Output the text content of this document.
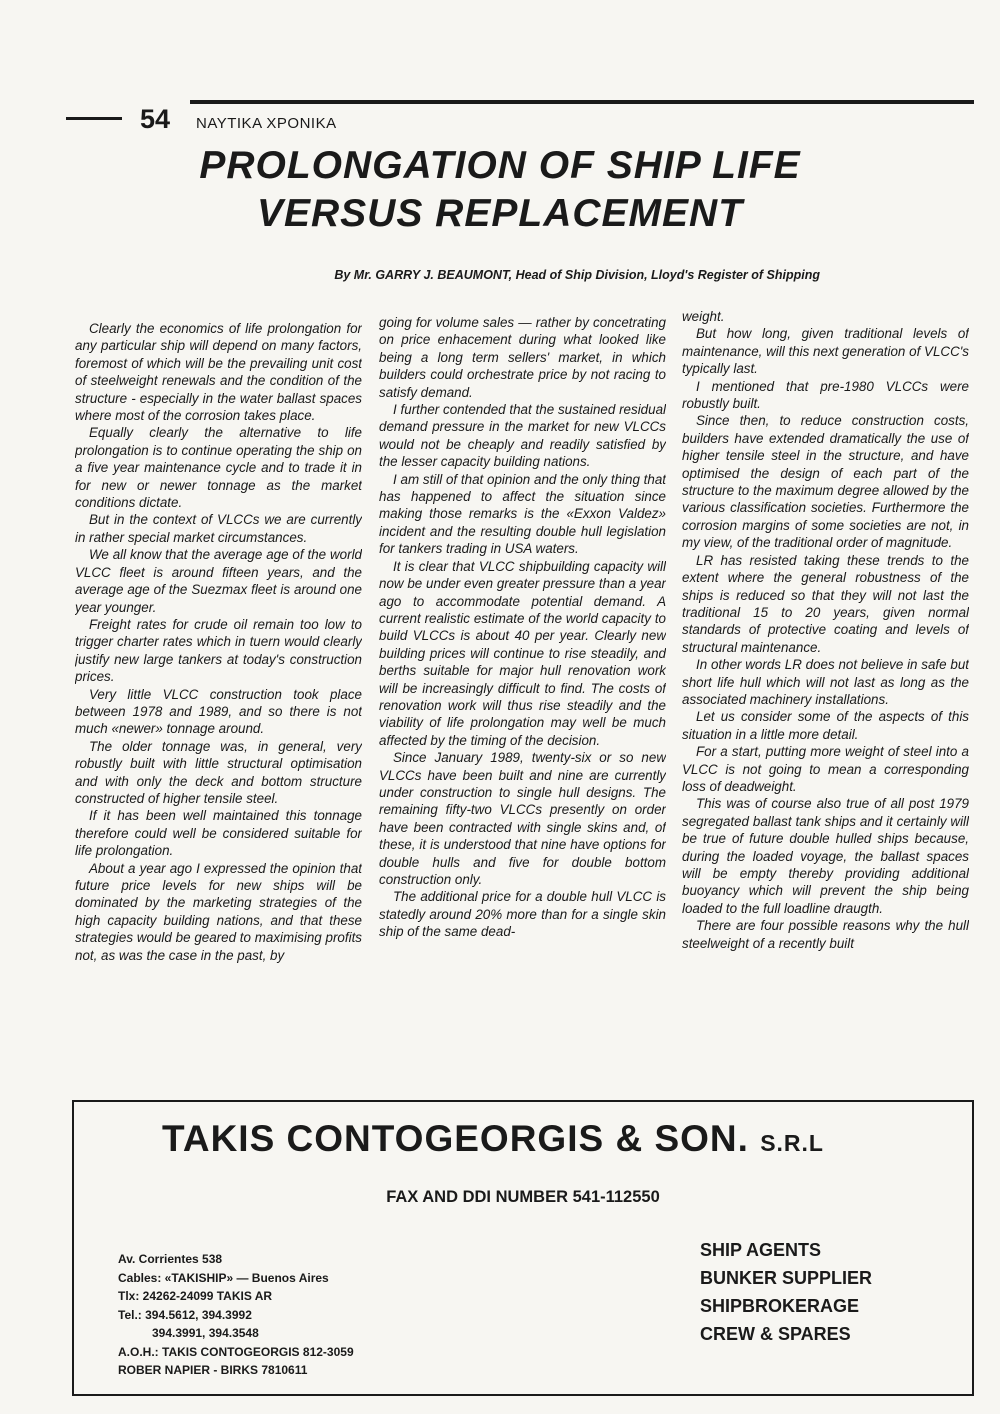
54 ΝΑΥΤΙΚΑ ΧΡΟΝΙΚΑ
PROLONGATION OF SHIP LIFE
VERSUS REPLACEMENT
By Mr. GARRY J. BEAUMONT, Head of Ship Division, Lloyd's Register of Shipping

Clearly the economics of life prolongation for any particular ship will depend on many factors, foremost of which will be the prevailing unit cost of steelweight renewals and the condition of the structure - especially in the water ballast spaces where most of the corrosion takes place.

Equally clearly the alternative to life prolongation is to continue operating the ship on a five year maintenance cycle and to trade it in for new or newer tonnage as the market conditions dictate.

But in the context of VLCCs we are currently in rather special market circumstances.

We all know that the average age of the world VLCC fleet is around fifteen years, and the average age of the Suezmax fleet is around one year younger.

Freight rates for crude oil remain too low to trigger charter rates which in tuern would clearly justify new large tankers at today's construction prices.

Very little VLCC construction took place between 1978 and 1989, and so there is not much «newer» tonnage around.

The older tonnage was, in general, very robustly built with little structural optimisation and with only the deck and bottom structure constructed of higher tensile steel.

If it has been well maintained this tonnage therefore could well be considered suitable for life prolongation.

About a year ago I expressed the opinion that future price levels for new ships will be dominated by the marketing strategies of the high capacity building nations, and that these strategies would be geared to maximising profits not, as was the case in the past, by

going for volume sales — rather by concetrating on price enhacement during what looked like being a long term sellers' market, in which builders could orchestrate price by not racing to satisfy demand.

I further contended that the sustained residual demand pressure in the market for new VLCCs would not be cheaply and readily satisfied by the lesser capacity building nations.

I am still of that opinion and the only thing that has happened to affect the situation since making those remarks is the «Exxon Valdez» incident and the resulting double hull legislation for tankers trading in USA waters.

It is clear that VLCC shipbuilding capacity will now be under even greater pressure than a year ago to accommodate potential demand. A current realistic estimate of the world capacity to build VLCCs is about 40 per year. Clearly new building prices will continue to rise steadily, and berths suitable for major hull renovation work will be increasingly difficult to find. The costs of renovation work will thus rise steadily and the viability of life prolongation may well be much affected by the timing of the decision.

Since January 1989, twenty-six or so new VLCCs have been built and nine are currently under construction to single hull designs. The remaining fifty-two VLCCs presently on order have been contracted with single skins and, of these, it is understood that nine have options for double hulls and five for double bottom construction only.

The additional price for a double hull VLCC is statedly around 20% more than for a single skin ship of the same dead-

weight.

But how long, given traditional levels of maintenance, will this next generation of VLCC's typically last.

I mentioned that pre-1980 VLCCs were robustly built.

Since then, to reduce construction costs, builders have extended dramatically the use of higher tensile steel in the structure, and have optimised the design of each part of the structure to the maximum degree allowed by the various classification societies. Furthermore the corrosion margins of some societies are not, in my view, of the traditional order of magnitude.

LR has resisted taking these trends to the extent where the general robustness of the ships is reduced so that they will not last the traditional 15 to 20 years, given normal standards of protective coating and levels of structural maintenance.

In other words LR does not believe in safe but short life hull which will not last as long as the associated machinery installations.

Let us consider some of the aspects of this situation in a little more detail.

For a start, putting more weight of steel into a VLCC is not going to mean a corresponding loss of deadweight.

This was of course also true of all post 1979 segregated ballast tank ships and it certainly will be true of future double hulled ships because, during the loaded voyage, the ballast spaces will be empty thereby providing additional buoyancy which will prevent the ship being loaded to the full loadline draugth.

There are four possible reasons why the hull steelweight of a recently built

TAKIS CONTOGEORGIS & SON. S.R.L
FAX AND DDI NUMBER 541-112550
Av. Corrientes 538
Cables: «TAKISHIP» — Buenos Aires
Tlx: 24262-24099 TAKIS AR
Tel.: 394.5612, 394.3992
394.3991, 394.3548
A.O.H.: TAKIS CONTOGEORGIS 812-3059
ROBER NAPIER - BIRKS 7810611
SHIP AGENTS
BUNKER SUPPLIER
SHIPBROKERAGE
CREW & SPARES
